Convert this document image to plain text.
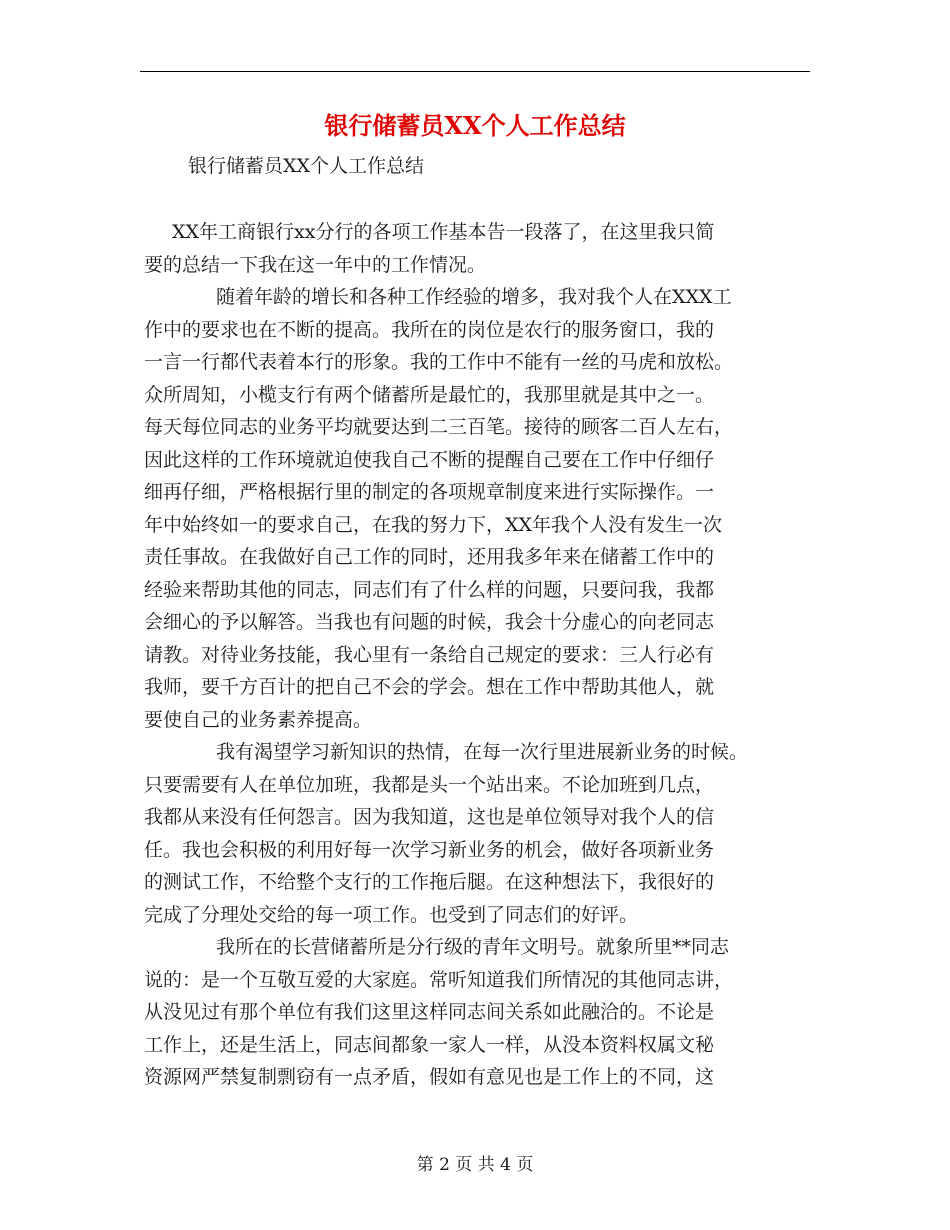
银行储蓄员XX个人工作总结

银行储蓄员XX个人工作总结

XX年工商银行xx分行的各项工作基本告一段落了，在这里我只简

要的总结一下我在这一年中的工作情况。

随着年龄的增长和各种工作经验的增多，我对我个人在XXX工

作中的要求也在不断的提高。我所在的岗位是农行的服务窗口，我的

一言一行都代表着本行的形象。我的工作中不能有一丝的马虎和放松。

众所周知，小榄支行有两个储蓄所是最忙的，我那里就是其中之一。

每天每位同志的业务平均就要达到二三百笔。接待的顾客二百人左右，

因此这样的工作环境就迫使我自己不断的提醒自己要在工作中仔细仔

细再仔细，严格根据行里的制定的各项规章制度来进行实际操作。一

年中始终如一的要求自己，在我的努力下，XX年我个人没有发生一次

责任事故。在我做好自己工作的同时，还用我多年来在储蓄工作中的

经验来帮助其他的同志，同志们有了什么样的问题，只要问我，我都

会细心的予以解答。当我也有问题的时候，我会十分虚心的向老同志

请教。对待业务技能，我心里有一条给自己规定的要求：三人行必有

我师，要千方百计的把自己不会的学会。想在工作中帮助其他人，就

要使自己的业务素养提高。

我有渴望学习新知识的热情，在每一次行里进展新业务的时候。

只要需要有人在单位加班，我都是头一个站出来。不论加班到几点，

我都从来没有任何怨言。因为我知道，这也是单位领导对我个人的信

任。我也会积极的利用好每一次学习新业务的机会，做好各项新业务

的测试工作，不给整个支行的工作拖后腿。在这种想法下，我很好的

完成了分理处交给的每一项工作。也受到了同志们的好评。

我所在的长营储蓄所是分行级的青年文明号。就象所里**同志

说的：是一个互敬互爱的大家庭。常听知道我们所情况的其他同志讲，

从没见过有那个单位有我们这里这样同志间关系如此融洽的。不论是

工作上，还是生活上，同志间都象一家人一样，从没本资料权属文秘

资源网严禁复制剽窃有一点矛盾，假如有意见也是工作上的不同，这

第 2 页 共 4 页
